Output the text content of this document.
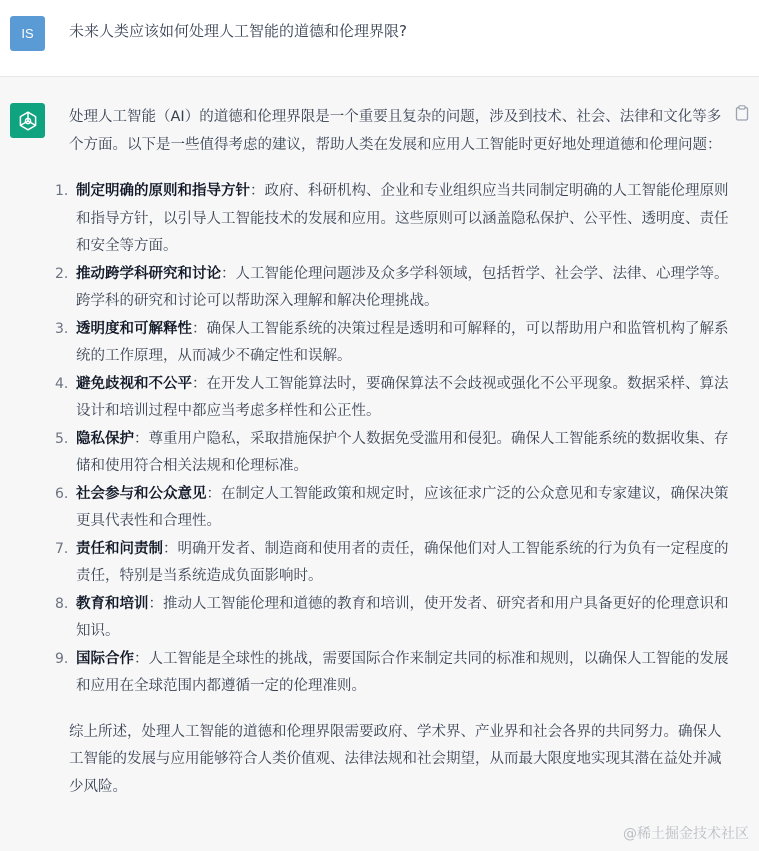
IS	未来人类应该如何处理人工智能的道德和伦理界限?

处理人工智能（AI）的道德和伦理界限是一个重要且复杂的问题，涉及到技术、社会、法律和文化等多个方面。以下是一些值得考虑的建议，帮助人类在发展和应用人工智能时更好地处理道德和伦理问题：

1. 制定明确的原则和指导方针：政府、科研机构、企业和专业组织应当共同制定明确的人工智能伦理原则和指导方针，以引导人工智能技术的发展和应用。这些原则可以涵盖隐私保护、公平性、透明度、责任和安全等方面。
2. 推动跨学科研究和讨论：人工智能伦理问题涉及众多学科领域，包括哲学、社会学、法律、心理学等。跨学科的研究和讨论可以帮助深入理解和解决伦理挑战。
3. 透明度和可解释性：确保人工智能系统的决策过程是透明和可解释的，可以帮助用户和监管机构了解系统的工作原理，从而减少不确定性和误解。
4. 避免歧视和不公平：在开发人工智能算法时，要确保算法不会歧视或强化不公平现象。数据采样、算法设计和培训过程中都应当考虑多样性和公正性。
5. 隐私保护：尊重用户隐私，采取措施保护个人数据免受滥用和侵犯。确保人工智能系统的数据收集、存储和使用符合相关法规和伦理标准。
6. 社会参与和公众意见：在制定人工智能政策和规定时，应该征求广泛的公众意见和专家建议，确保决策更具代表性和合理性。
7. 责任和问责制：明确开发者、制造商和使用者的责任，确保他们对人工智能系统的行为负有一定程度的责任，特别是当系统造成负面影响时。
8. 教育和培训：推动人工智能伦理和道德的教育和培训，使开发者、研究者和用户具备更好的伦理意识和知识。
9. 国际合作：人工智能是全球性的挑战，需要国际合作来制定共同的标准和规则，以确保人工智能的发展和应用在全球范围内都遵循一定的伦理准则。

综上所述，处理人工智能的道德和伦理界限需要政府、学术界、产业界和社会各界的共同努力。确保人工智能的发展与应用能够符合人类价值观、法律法规和社会期望，从而最大限度地实现其潜在益处并减少风险。

@稀土掘金技术社区
